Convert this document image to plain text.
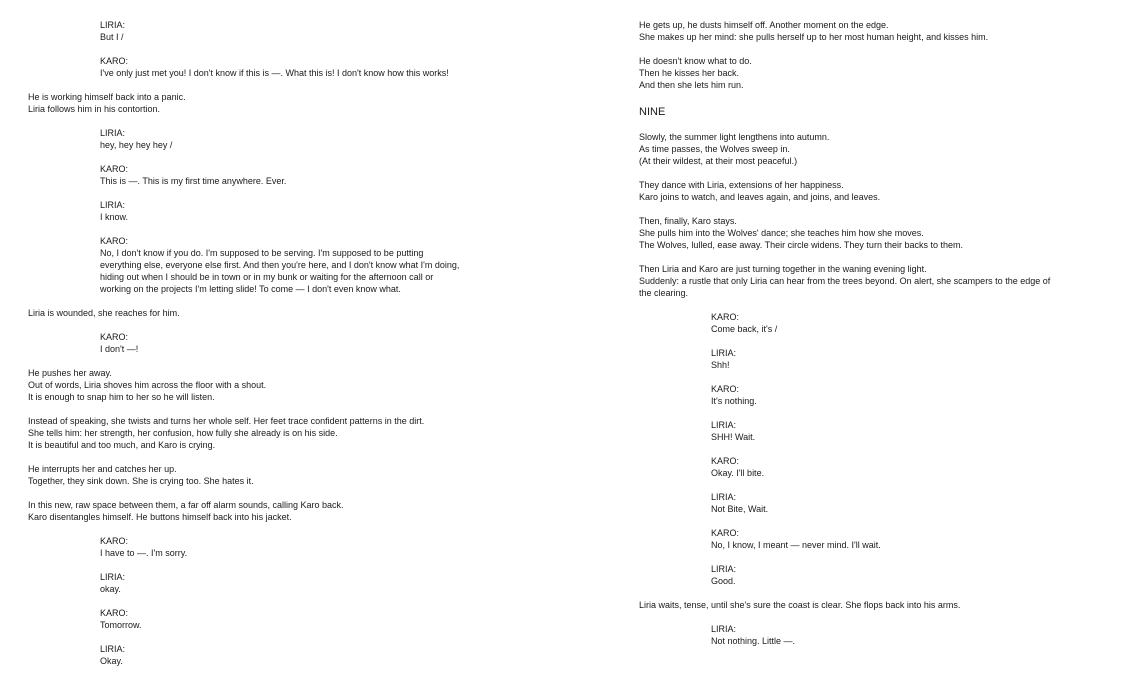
LIRIA:
But I /
KARO:
I've only just met you! I don't know if this is —. What this is! I don't know how this works!
He is working himself back into a panic.
Liria follows him in his contortion.
LIRIA:
hey, hey hey hey /
KARO:
This is —. This is my first time anywhere. Ever.
LIRIA:
I know.
KARO:
No, I don't know if you do. I'm supposed to be serving. I'm supposed to be putting
everything else, everyone else first. And then you're here, and I don't know what I'm doing,
hiding out when I should be in town or in my bunk or waiting for the afternoon call or
working on the projects I'm letting slide! To come — I don't even know what.
Liria is wounded, she reaches for him.
KARO:
I don't —!
He pushes her away.
Out of words, Liria shoves him across the floor with a shout.
It is enough to snap him to her so he will listen.
Instead of speaking, she twists and turns her whole self. Her feet trace confident patterns in the dirt.
She tells him: her strength, her confusion, how fully she already is on his side.
It is beautiful and too much, and Karo is crying.
He interrupts her and catches her up.
Together, they sink down. She is crying too. She hates it.
In this new, raw space between them, a far off alarm sounds, calling Karo back.
Karo disentangles himself. He buttons himself back into his jacket.
KARO:
I have to —. I'm sorry.
LIRIA:
okay.
KARO:
Tomorrow.
LIRIA:
Okay.
He gets up, he dusts himself off. Another moment on the edge.
She makes up her mind: she pulls herself up to her most human height, and kisses him.
He doesn't know what to do.
Then he kisses her back.
And then she lets him run.
NINE
Slowly, the summer light lengthens into autumn.
As time passes, the Wolves sweep in.
(At their wildest, at their most peaceful.)
They dance with Liria, extensions of her happiness.
Karo joins to watch, and leaves again, and joins, and leaves.
Then, finally, Karo stays.
She pulls him into the Wolves' dance; she teaches him how she moves.
The Wolves, lulled, ease away. Their circle widens. They turn their backs to them.
Then Liria and Karo are just turning together in the waning evening light.
Suddenly: a rustle that only Liria can hear from the trees beyond. On alert, she scampers to the edge of
the clearing.
KARO:
Come back, it's /
LIRIA:
Shh!
KARO:
It's nothing.
LIRIA:
SHH! Wait.
KARO:
Okay. I'll bite.
LIRIA:
Not Bite, Wait.
KARO:
No, I know, I meant — never mind. I'll wait.
LIRIA:
Good.
Liria waits, tense, until she's sure the coast is clear. She flops back into his arms.
LIRIA:
Not nothing. Little —.
